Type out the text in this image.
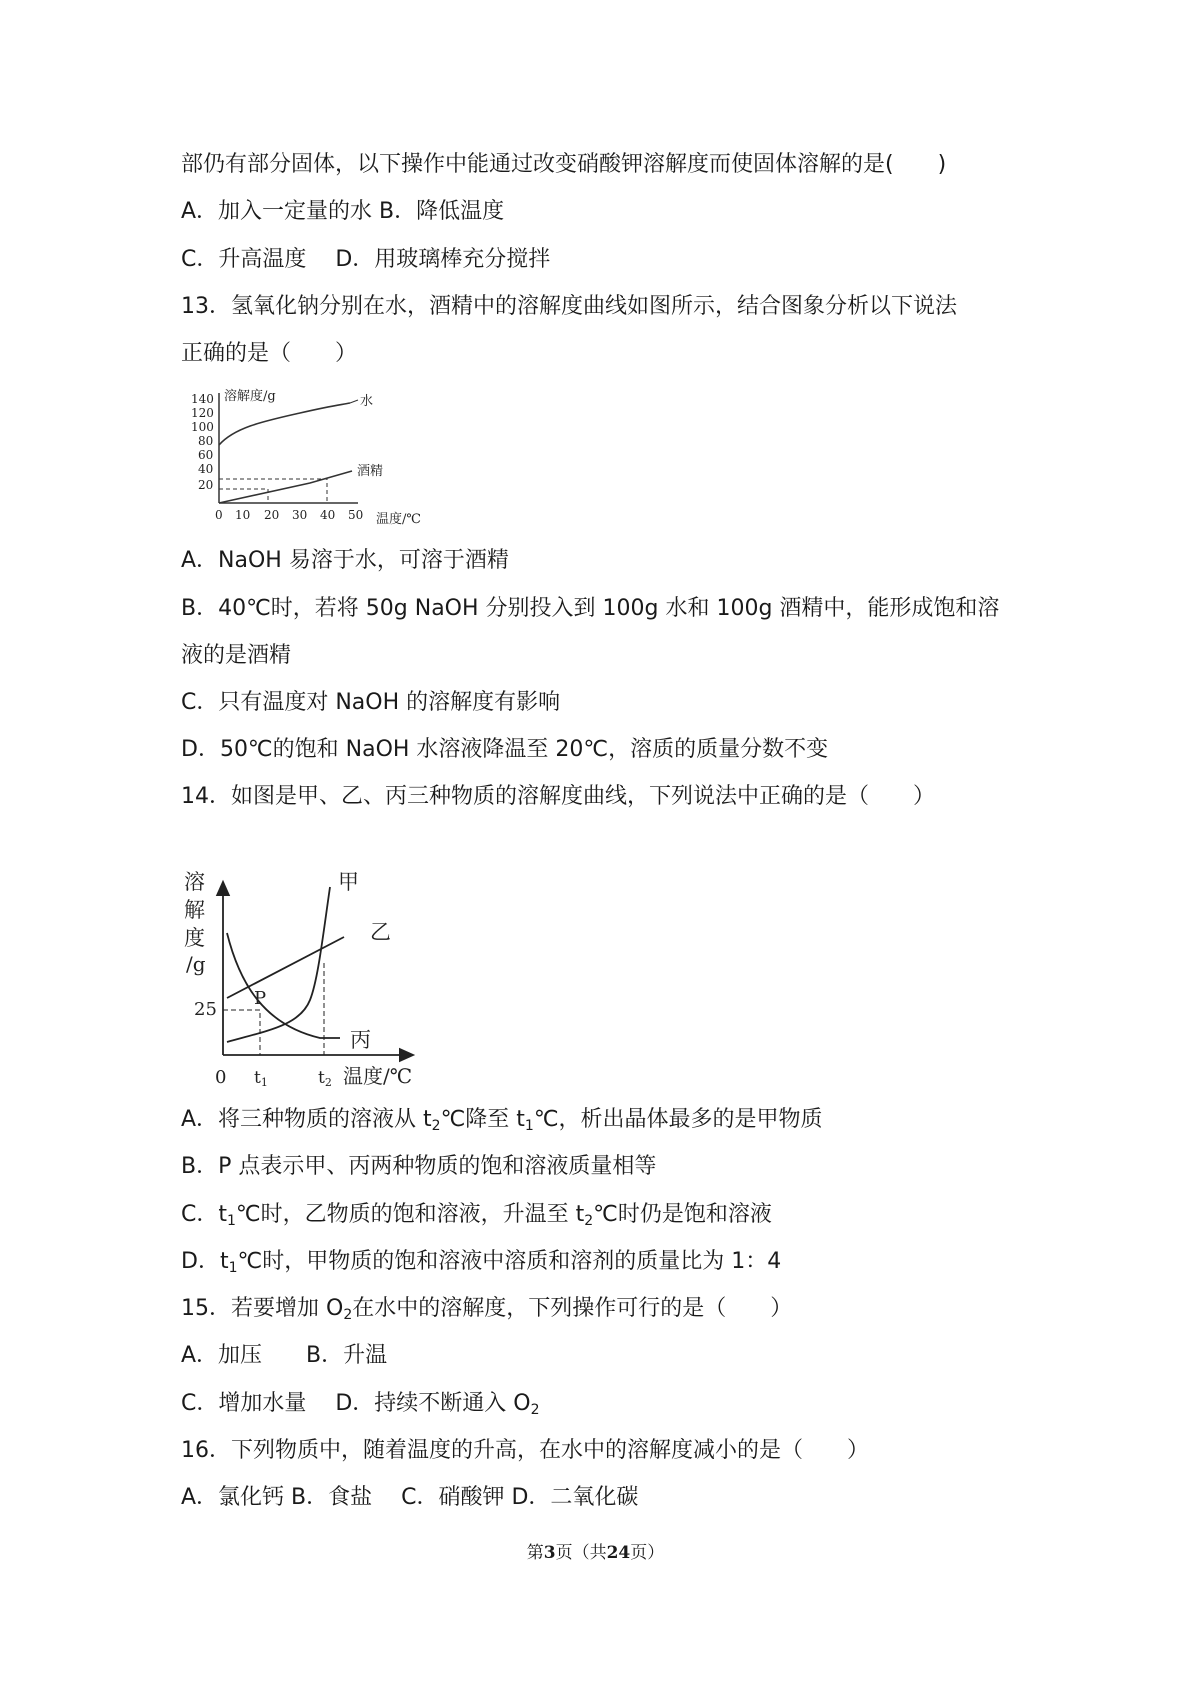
部仍有部分固体，以下操作中能通过改变硝酸钾溶解度而使固体溶解的是(　　)
A．加入一定量的水 B．降低温度
C．升高温度　 D．用玻璃棒充分搅拌
13．氢氧化钠分别在水，酒精中的溶解度曲线如图所示，结合图象分析以下说法
正确的是（　　）
溶解度/g
温度/℃
140
120
100
80
60
40
20
0 10 20 30 40 50
水
酒精
A．NaOH 易溶于水，可溶于酒精
B．40℃时，若将 50g NaOH 分别投入到 100g 水和 100g 酒精中，能形成饱和溶
液的是酒精
C．只有温度对 NaOH 的溶解度有影响
D．50℃的饱和 NaOH 水溶液降温至 20℃，溶质的质量分数不变
14．如图是甲、乙、丙三种物质的溶解度曲线，下列说法中正确的是（　　）
溶
解
度
/g
25
0 t1	t2 温度/℃
P
甲
乙
丙
A．将三种物质的溶液从 $t_2℃$降至 $t_1℃$，析出晶体最多的是甲物质
B．P 点表示甲、丙两种物质的饱和溶液质量相等
C．$t_1℃$时，乙物质的饱和溶液，升温至 $t_2℃$时仍是饱和溶液
D．$t_1℃$时，甲物质的饱和溶液中溶质和溶剂的质量比为 1：4
15．若要增加 $O_2$在水中的溶解度，下列操作可行的是（　　）
A．加压　　B．升温
C．增加水量　 D．持续不断通入 $O_2$
16．下列物质中，随着温度的升高，在水中的溶解度减小的是（　　）
A．氯化钙 B．食盐　 C．硝酸钾 D．二氧化碳
第3页（共24页）
